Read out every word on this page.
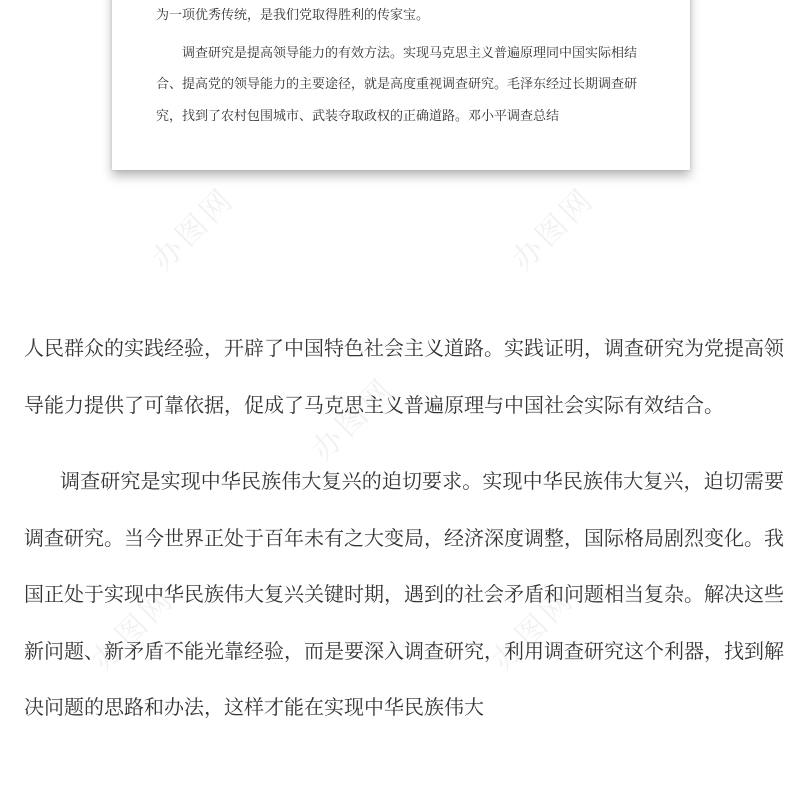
为一项优秀传统，是我们党取得胜利的传家宝。

调查研究是提高领导能力的有效方法。实现马克思主义普遍原理同中国实际相结合、提高党的领导能力的主要途径，就是高度重视调查研究。毛泽东经过长期调查研究，找到了农村包围城市、武装夺取政权的正确道路。邓小平调查总结

人民群众的实践经验，开辟了中国特色社会主义道路。实践证明，调查研究为党提高领导能力提供了可靠依据，促成了马克思主义普遍原理与中国社会实际有效结合。

调查研究是实现中华民族伟大复兴的迫切要求。实现中华民族伟大复兴，迫切需要调查研究。当今世界正处于百年未有之大变局，经济深度调整，国际格局剧烈变化。我国正处于实现中华民族伟大复兴关键时期，遇到的社会矛盾和问题相当复杂。解决这些新问题、新矛盾不能光靠经验，而是要深入调查研究，利用调查研究这个利器，找到解决问题的思路和办法，这样才能在实现中华民族伟大

办图网	办图网
办图网
办图网	办图网
